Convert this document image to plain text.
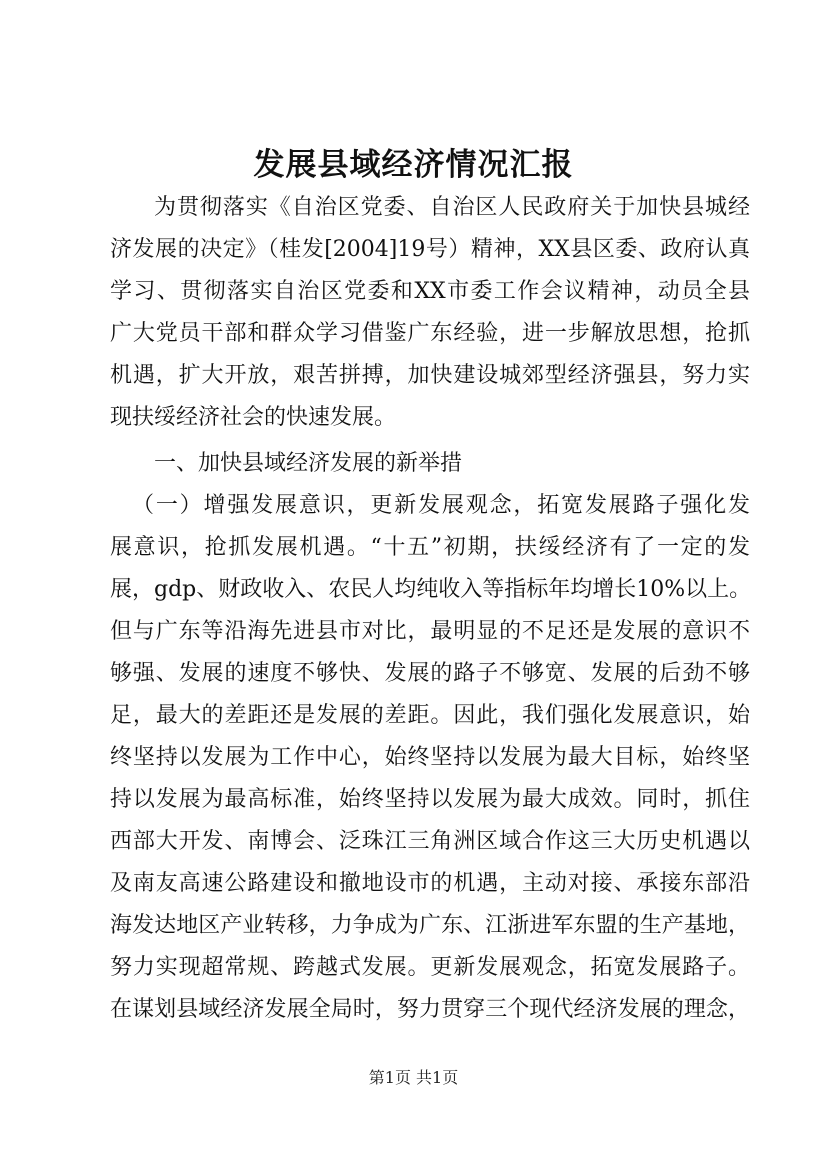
发展县域经济情况汇报

为贯彻落实《自治区党委、自治区人民政府关于加快县城经

济发展的决定》（桂发[2004]19号）精神，XX县区委、政府认真

学习、贯彻落实自治区党委和XX市委工作会议精神，动员全县

广大党员干部和群众学习借鉴广东经验，进一步解放思想，抢抓

机遇，扩大开放，艰苦拼搏，加快建设城郊型经济强县，努力实

现扶绥经济社会的快速发展。

一、加快县域经济发展的新举措

（一）增强发展意识，更新发展观念，拓宽发展路子强化发

展意识，抢抓发展机遇。“十五”初期，扶绥经济有了一定的发

展，gdp、财政收入、农民人均纯收入等指标年均增长10%以上。

但与广东等沿海先进县市对比，最明显的不足还是发展的意识不

够强、发展的速度不够快、发展的路子不够宽、发展的后劲不够

足，最大的差距还是发展的差距。因此，我们强化发展意识，始

终坚持以发展为工作中心，始终坚持以发展为最大目标，始终坚

持以发展为最高标准，始终坚持以发展为最大成效。同时，抓住

西部大开发、南博会、泛珠江三角洲区域合作这三大历史机遇以

及南友高速公路建设和撤地设市的机遇，主动对接、承接东部沿

海发达地区产业转移，力争成为广东、江浙进军东盟的生产基地，

努力实现超常规、跨越式发展。更新发展观念，拓宽发展路子。

在谋划县域经济发展全局时，努力贯穿三个现代经济发展的理念，

第1页 共1页
